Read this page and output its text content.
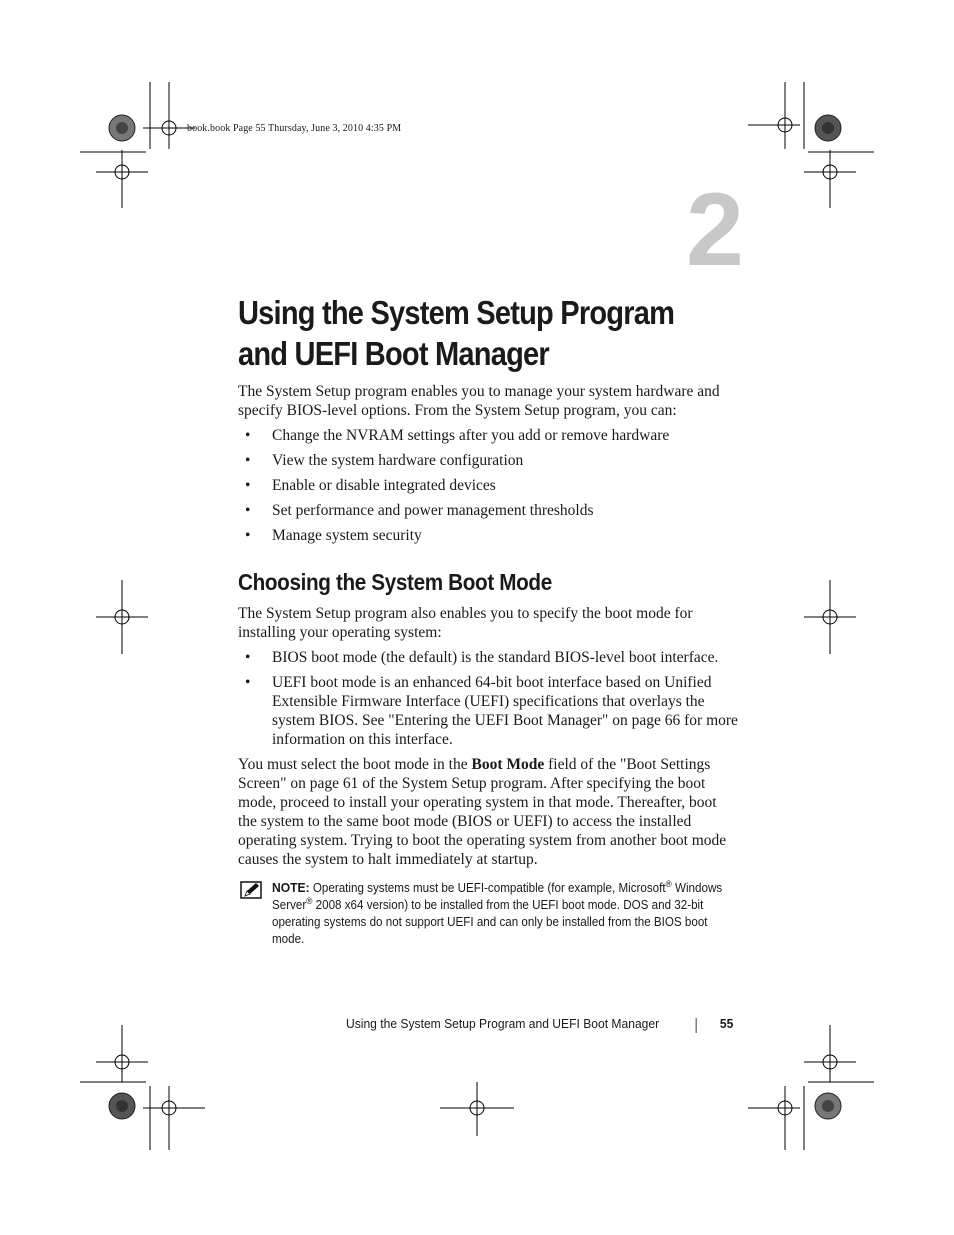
book.book Page 55 Thursday, June 3, 2010 4:35 PM
2
Using the System Setup Program
and UEFI Boot Manager

The System Setup program enables you to manage your system hardware and specify BIOS-level options. From the System Setup program, you can:

• Change the NVRAM settings after you add or remove hardware
• View the system hardware configuration
• Enable or disable integrated devices
• Set performance and power management thresholds
• Manage system security
Choosing the System Boot Mode

The System Setup program also enables you to specify the boot mode for installing your operating system:

• BIOS boot mode (the default) is the standard BIOS-level boot interface.
• UEFI boot mode is an enhanced 64-bit boot interface based on Unified Extensible Firmware Interface (UEFI) specifications that overlays the system BIOS. See "Entering the UEFI Boot Manager" on page 66 for more information on this interface.

You must select the boot mode in the Boot Mode field of the "Boot Settings Screen" on page 61 of the System Setup program. After specifying the boot mode, proceed to install your operating system in that mode. Thereafter, boot the system to the same boot mode (BIOS or UEFI) to access the installed operating system. Trying to boot the operating system from another boot mode causes the system to halt immediately at startup.

NOTE: Operating systems must be UEFI-compatible (for example, Microsoft® Windows Server® 2008 x64 version) to be installed from the UEFI boot mode. DOS and 32-bit operating systems do not support UEFI and can only be installed from the BIOS boot mode.
Using the System Setup Program and UEFI Boot Manager	55
